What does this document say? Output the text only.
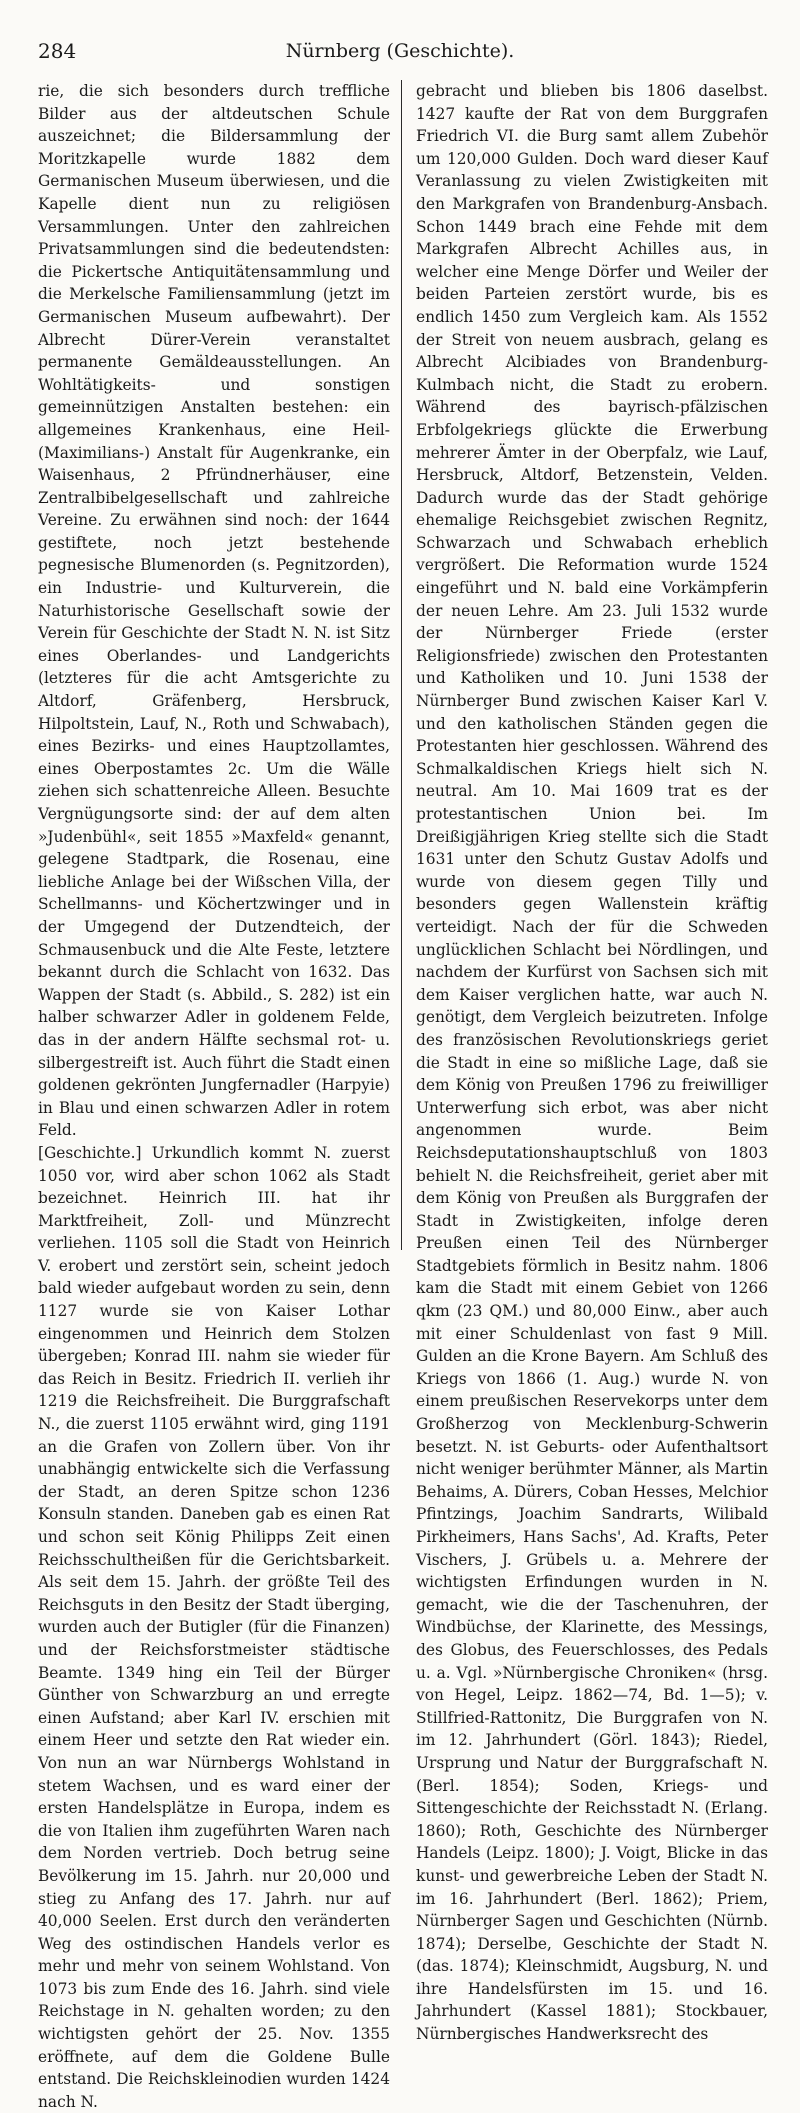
284	Nürnberg (Geschichte).

rie, die sich besonders durch treffliche Bilder aus der altdeutschen Schule auszeichnet; die Bildersammlung der Moritzkapelle wurde 1882 dem Germanischen Museum überwiesen, und die Kapelle dient nun zu religiösen Versammlungen. Unter den zahlreichen Privatsammlungen sind die bedeutendsten: die Pickertsche Antiquitätensammlung und die Merkelsche Familiensammlung (jetzt im Germanischen Museum aufbewahrt). Der Albrecht Dürer-Verein veranstaltet permanente Gemäldeausstellungen. An Wohltätigkeits- und sonstigen gemeinnützigen Anstalten bestehen: ein allgemeines Krankenhaus, eine Heil- (Maximilians-) Anstalt für Augenkranke, ein Waisenhaus, 2 Pfründnerhäuser, eine Zentralbibelgesellschaft und zahlreiche Vereine. Zu erwähnen sind noch: der 1644 gestiftete, noch jetzt bestehende pegnesische Blumenorden (s. Pegnitzorden), ein Industrie- und Kulturverein, die Naturhistorische Gesellschaft sowie der Verein für Geschichte der Stadt N. N. ist Sitz eines Oberlandes- und Landgerichts (letzteres für die acht Amtsgerichte zu Altdorf, Gräfenberg, Hersbruck, Hilpoltstein, Lauf, N., Roth und Schwabach), eines Bezirks- und eines Hauptzollamtes, eines Oberpostamtes 2c. Um die Wälle ziehen sich schattenreiche Alleen. Besuchte Vergnügungsorte sind: der auf dem alten »Judenbühl«, seit 1855 »Maxfeld« genannt, gelegene Stadtpark, die Rosenau, eine liebliche Anlage bei der Wißschen Villa, der Schellmanns- und Köchertzwinger und in der Umgegend der Dutzendteich, der Schmausenbuck und die Alte Feste, letztere bekannt durch die Schlacht von 1632. Das Wappen der Stadt (s. Abbild., S. 282) ist ein halber schwarzer Adler in goldenem Felde, das in der andern Hälfte sechsmal rot- u. silbergestreift ist. Auch führt die Stadt einen goldenen gekrönten Jungfernadler (Harpyie) in Blau und einen schwarzen Adler in rotem Feld.

[Geschichte.] Urkundlich kommt N. zuerst 1050 vor, wird aber schon 1062 als Stadt bezeichnet. Heinrich III. hat ihr Marktfreiheit, Zoll- und Münzrecht verliehen. 1105 soll die Stadt von Heinrich V. erobert und zerstört sein, scheint jedoch bald wieder aufgebaut worden zu sein, denn 1127 wurde sie von Kaiser Lothar eingenommen und Heinrich dem Stolzen übergeben; Konrad III. nahm sie wieder für das Reich in Besitz. Friedrich II. verlieh ihr 1219 die Reichsfreiheit. Die Burggrafschaft N., die zuerst 1105 erwähnt wird, ging 1191 an die Grafen von Zollern über. Von ihr unabhängig entwickelte sich die Verfassung der Stadt, an deren Spitze schon 1236 Konsuln standen. Daneben gab es einen Rat und schon seit König Philipps Zeit einen Reichsschultheißen für die Gerichtsbarkeit. Als seit dem 15. Jahrh. der größte Teil des Reichsguts in den Besitz der Stadt überging, wurden auch der Butigler (für die Finanzen) und der Reichsforstmeister städtische Beamte. 1349 hing ein Teil der Bürger Günther von Schwarzburg an und erregte einen Aufstand; aber Karl IV. erschien mit einem Heer und setzte den Rat wieder ein. Von nun an war Nürnbergs Wohlstand in stetem Wachsen, und es ward einer der ersten Handelsplätze in Europa, indem es die von Italien ihm zugeführten Waren nach dem Norden vertrieb. Doch betrug seine Bevölkerung im 15. Jahrh. nur 20,000 und stieg zu Anfang des 17. Jahrh. nur auf 40,000 Seelen. Erst durch den veränderten Weg des ostindischen Handels verlor es mehr und mehr von seinem Wohlstand. Von 1073 bis zum Ende des 16. Jahrh. sind viele Reichstage in N. gehalten worden; zu den wichtigsten gehört der 25. Nov. 1355 eröffnete, auf dem die Goldene Bulle entstand. Die Reichskleinodien wurden 1424 nach N.

gebracht und blieben bis 1806 daselbst. 1427 kaufte der Rat von dem Burggrafen Friedrich VI. die Burg samt allem Zubehör um 120,000 Gulden. Doch ward dieser Kauf Veranlassung zu vielen Zwistigkeiten mit den Markgrafen von Brandenburg-Ansbach. Schon 1449 brach eine Fehde mit dem Markgrafen Albrecht Achilles aus, in welcher eine Menge Dörfer und Weiler der beiden Parteien zerstört wurde, bis es endlich 1450 zum Vergleich kam. Als 1552 der Streit von neuem ausbrach, gelang es Albrecht Alcibiades von Brandenburg-Kulmbach nicht, die Stadt zu erobern. Während des bayrisch-pfälzischen Erbfolgekriegs glückte die Erwerbung mehrerer Ämter in der Oberpfalz, wie Lauf, Hersbruck, Altdorf, Betzenstein, Velden. Dadurch wurde das der Stadt gehörige ehemalige Reichsgebiet zwischen Regnitz, Schwarzach und Schwabach erheblich vergrößert. Die Reformation wurde 1524 eingeführt und N. bald eine Vorkämpferin der neuen Lehre. Am 23. Juli 1532 wurde der Nürnberger Friede (erster Religionsfriede) zwischen den Protestanten und Katholiken und 10. Juni 1538 der Nürnberger Bund zwischen Kaiser Karl V. und den katholischen Ständen gegen die Protestanten hier geschlossen. Während des Schmalkaldischen Kriegs hielt sich N. neutral. Am 10. Mai 1609 trat es der protestantischen Union bei. Im Dreißigjährigen Krieg stellte sich die Stadt 1631 unter den Schutz Gustav Adolfs und wurde von diesem gegen Tilly und besonders gegen Wallenstein kräftig verteidigt. Nach der für die Schweden unglücklichen Schlacht bei Nördlingen, und nachdem der Kurfürst von Sachsen sich mit dem Kaiser verglichen hatte, war auch N. genötigt, dem Vergleich beizutreten. Infolge des französischen Revolutionskriegs geriet die Stadt in eine so mißliche Lage, daß sie dem König von Preußen 1796 zu freiwilliger Unterwerfung sich erbot, was aber nicht angenommen wurde. Beim Reichsdeputationshauptschluß von 1803 behielt N. die Reichsfreiheit, geriet aber mit dem König von Preußen als Burggrafen der Stadt in Zwistigkeiten, infolge deren Preußen einen Teil des Nürnberger Stadtgebiets förmlich in Besitz nahm. 1806 kam die Stadt mit einem Gebiet von 1266 qkm (23 QM.) und 80,000 Einw., aber auch mit einer Schuldenlast von fast 9 Mill. Gulden an die Krone Bayern. Am Schluß des Kriegs von 1866 (1. Aug.) wurde N. von einem preußischen Reservekorps unter dem Großherzog von Mecklenburg-Schwerin besetzt. N. ist Geburts- oder Aufenthaltsort nicht weniger berühmter Männer, als Martin Behaims, A. Dürers, Coban Hesses, Melchior Pfintzings, Joachim Sandrarts, Wilibald Pirkheimers, Hans Sachs', Ad. Krafts, Peter Vischers, J. Grübels u. a. Mehrere der wichtigsten Erfindungen wurden in N. gemacht, wie die der Taschenuhren, der Windbüchse, der Klarinette, des Messings, des Globus, des Feuerschlosses, des Pedals u. a. Vgl. »Nürnbergische Chroniken« (hrsg. von Hegel, Leipz. 1862—74, Bd. 1—5); v. Stillfried-Rattonitz, Die Burggrafen von N. im 12. Jahrhundert (Görl. 1843); Riedel, Ursprung und Natur der Burggrafschaft N. (Berl. 1854); Soden, Kriegs- und Sittengeschichte der Reichsstadt N. (Erlang. 1860); Roth, Geschichte des Nürnberger Handels (Leipz. 1800); J. Voigt, Blicke in das kunst- und gewerbreiche Leben der Stadt N. im 16. Jahrhundert (Berl. 1862); Priem, Nürnberger Sagen und Geschichten (Nürnb. 1874); Derselbe, Geschichte der Stadt N. (das. 1874); Kleinschmidt, Augsburg, N. und ihre Handelsfürsten im 15. und 16. Jahrhundert (Kassel 1881); Stockbauer, Nürnbergisches Handwerksrecht des
